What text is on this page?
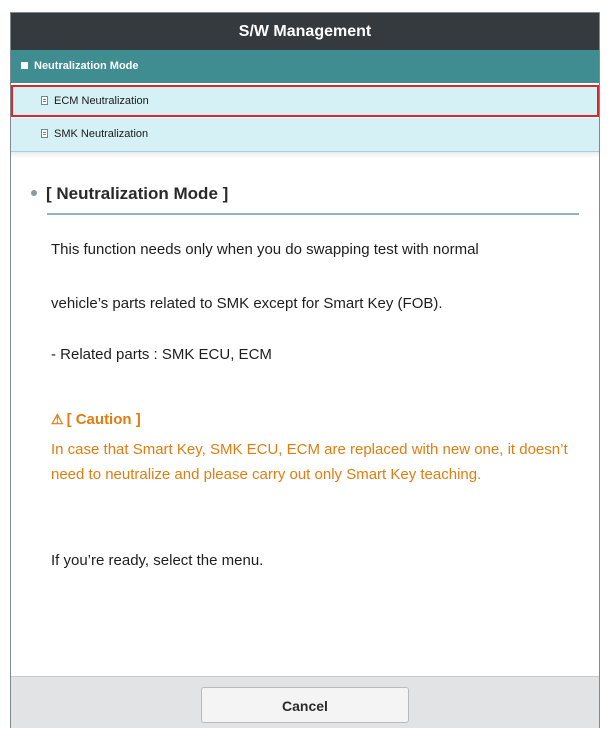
S/W Management
Neutralization Mode
ECM Neutralization
SMK Neutralization
[ Neutralization Mode ]
This function needs only when you do swapping test with normal
vehicle’s parts related to SMK except for Smart Key (FOB).
- Related parts : SMK ECU, ECM
⚠ [ Caution ]
In case that Smart Key, SMK ECU, ECM are replaced with new one, it doesn’t need to neutralize and please carry out only Smart Key teaching.
If you’re ready, select the menu.
Cancel
